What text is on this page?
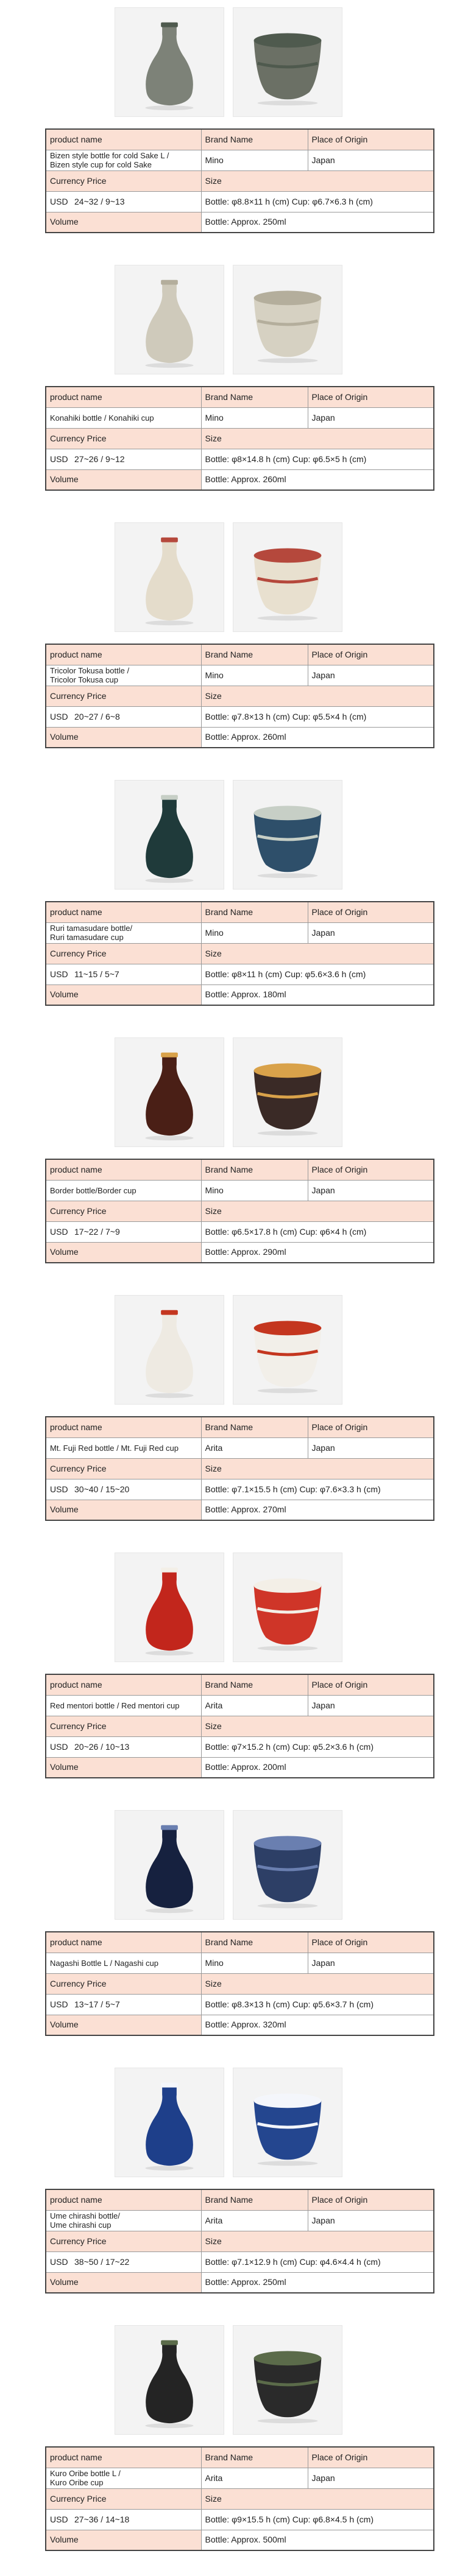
product name	Brand Name	Place of Origin
Bizen style bottle for cold Sake L /
Bizen style cup for cold Sake	Mino	Japan
Currency Price	Size	
USD 24~32 / 9~13	Bottle: φ8.8×11 h (cm) Cup: φ6.7×6.3 h (cm)	
Volume	Bottle: Approx. 250ml	
product name	Brand Name	Place of Origin
Konahiki bottle / Konahiki cup	Mino	Japan
Currency Price	Size	
USD 27~26 / 9~12	Bottle: φ8×14.8 h (cm) Cup: φ6.5×5 h (cm)	
Volume	Bottle: Approx. 260ml	
product name	Brand Name	Place of Origin
Tricolor Tokusa bottle /
Tricolor Tokusa cup	Mino	Japan
Currency Price	Size	
USD 20~27 / 6~8	Bottle: φ7.8×13 h (cm) Cup: φ5.5×4 h (cm)	
Volume	Bottle: Approx. 260ml	
product name	Brand Name	Place of Origin
Ruri tamasudare bottle/
Ruri tamasudare cup	Mino	Japan
Currency Price	Size	
USD 11~15 / 5~7	Bottle: φ8×11 h (cm) Cup: φ5.6×3.6 h (cm)	
Volume	Bottle: Approx. 180ml	
product name	Brand Name	Place of Origin
Border bottle/Border cup	Mino	Japan
Currency Price	Size	
USD 17~22 / 7~9	Bottle: φ6.5×17.8 h (cm) Cup: φ6×4 h (cm)	
Volume	Bottle: Approx. 290ml	
product name	Brand Name	Place of Origin
Mt. Fuji Red bottle / Mt. Fuji Red cup	Arita	Japan
Currency Price	Size	
USD 30~40 / 15~20	Bottle: φ7.1×15.5 h (cm) Cup: φ7.6×3.3 h (cm)	
Volume	Bottle: Approx. 270ml	
product name	Brand Name	Place of Origin
Red mentori bottle / Red mentori cup	Arita	Japan
Currency Price	Size	
USD 20~26 / 10~13	Bottle: φ7×15.2 h (cm) Cup: φ5.2×3.6 h (cm)	
Volume	Bottle: Approx. 200ml	
product name	Brand Name	Place of Origin
Nagashi Bottle L / Nagashi cup	Mino	Japan
Currency Price	Size	
USD 13~17 / 5~7	Bottle: φ8.3×13 h (cm) Cup: φ5.6×3.7 h (cm)	
Volume	Bottle: Approx. 320ml	
product name	Brand Name	Place of Origin
Ume chirashi bottle/
Ume chirashi cup	Arita	Japan
Currency Price	Size	
USD 38~50 / 17~22	Bottle: φ7.1×12.9 h (cm) Cup: φ4.6×4.4 h (cm)	
Volume	Bottle: Approx. 250ml	
product name	Brand Name	Place of Origin
Kuro Oribe bottle L /
Kuro Oribe cup	Arita	Japan
Currency Price	Size	
USD 27~36 / 14~18	Bottle: φ9×15.5 h (cm) Cup: φ6.8×4.5 h (cm)	
Volume	Bottle: Approx. 500ml	
